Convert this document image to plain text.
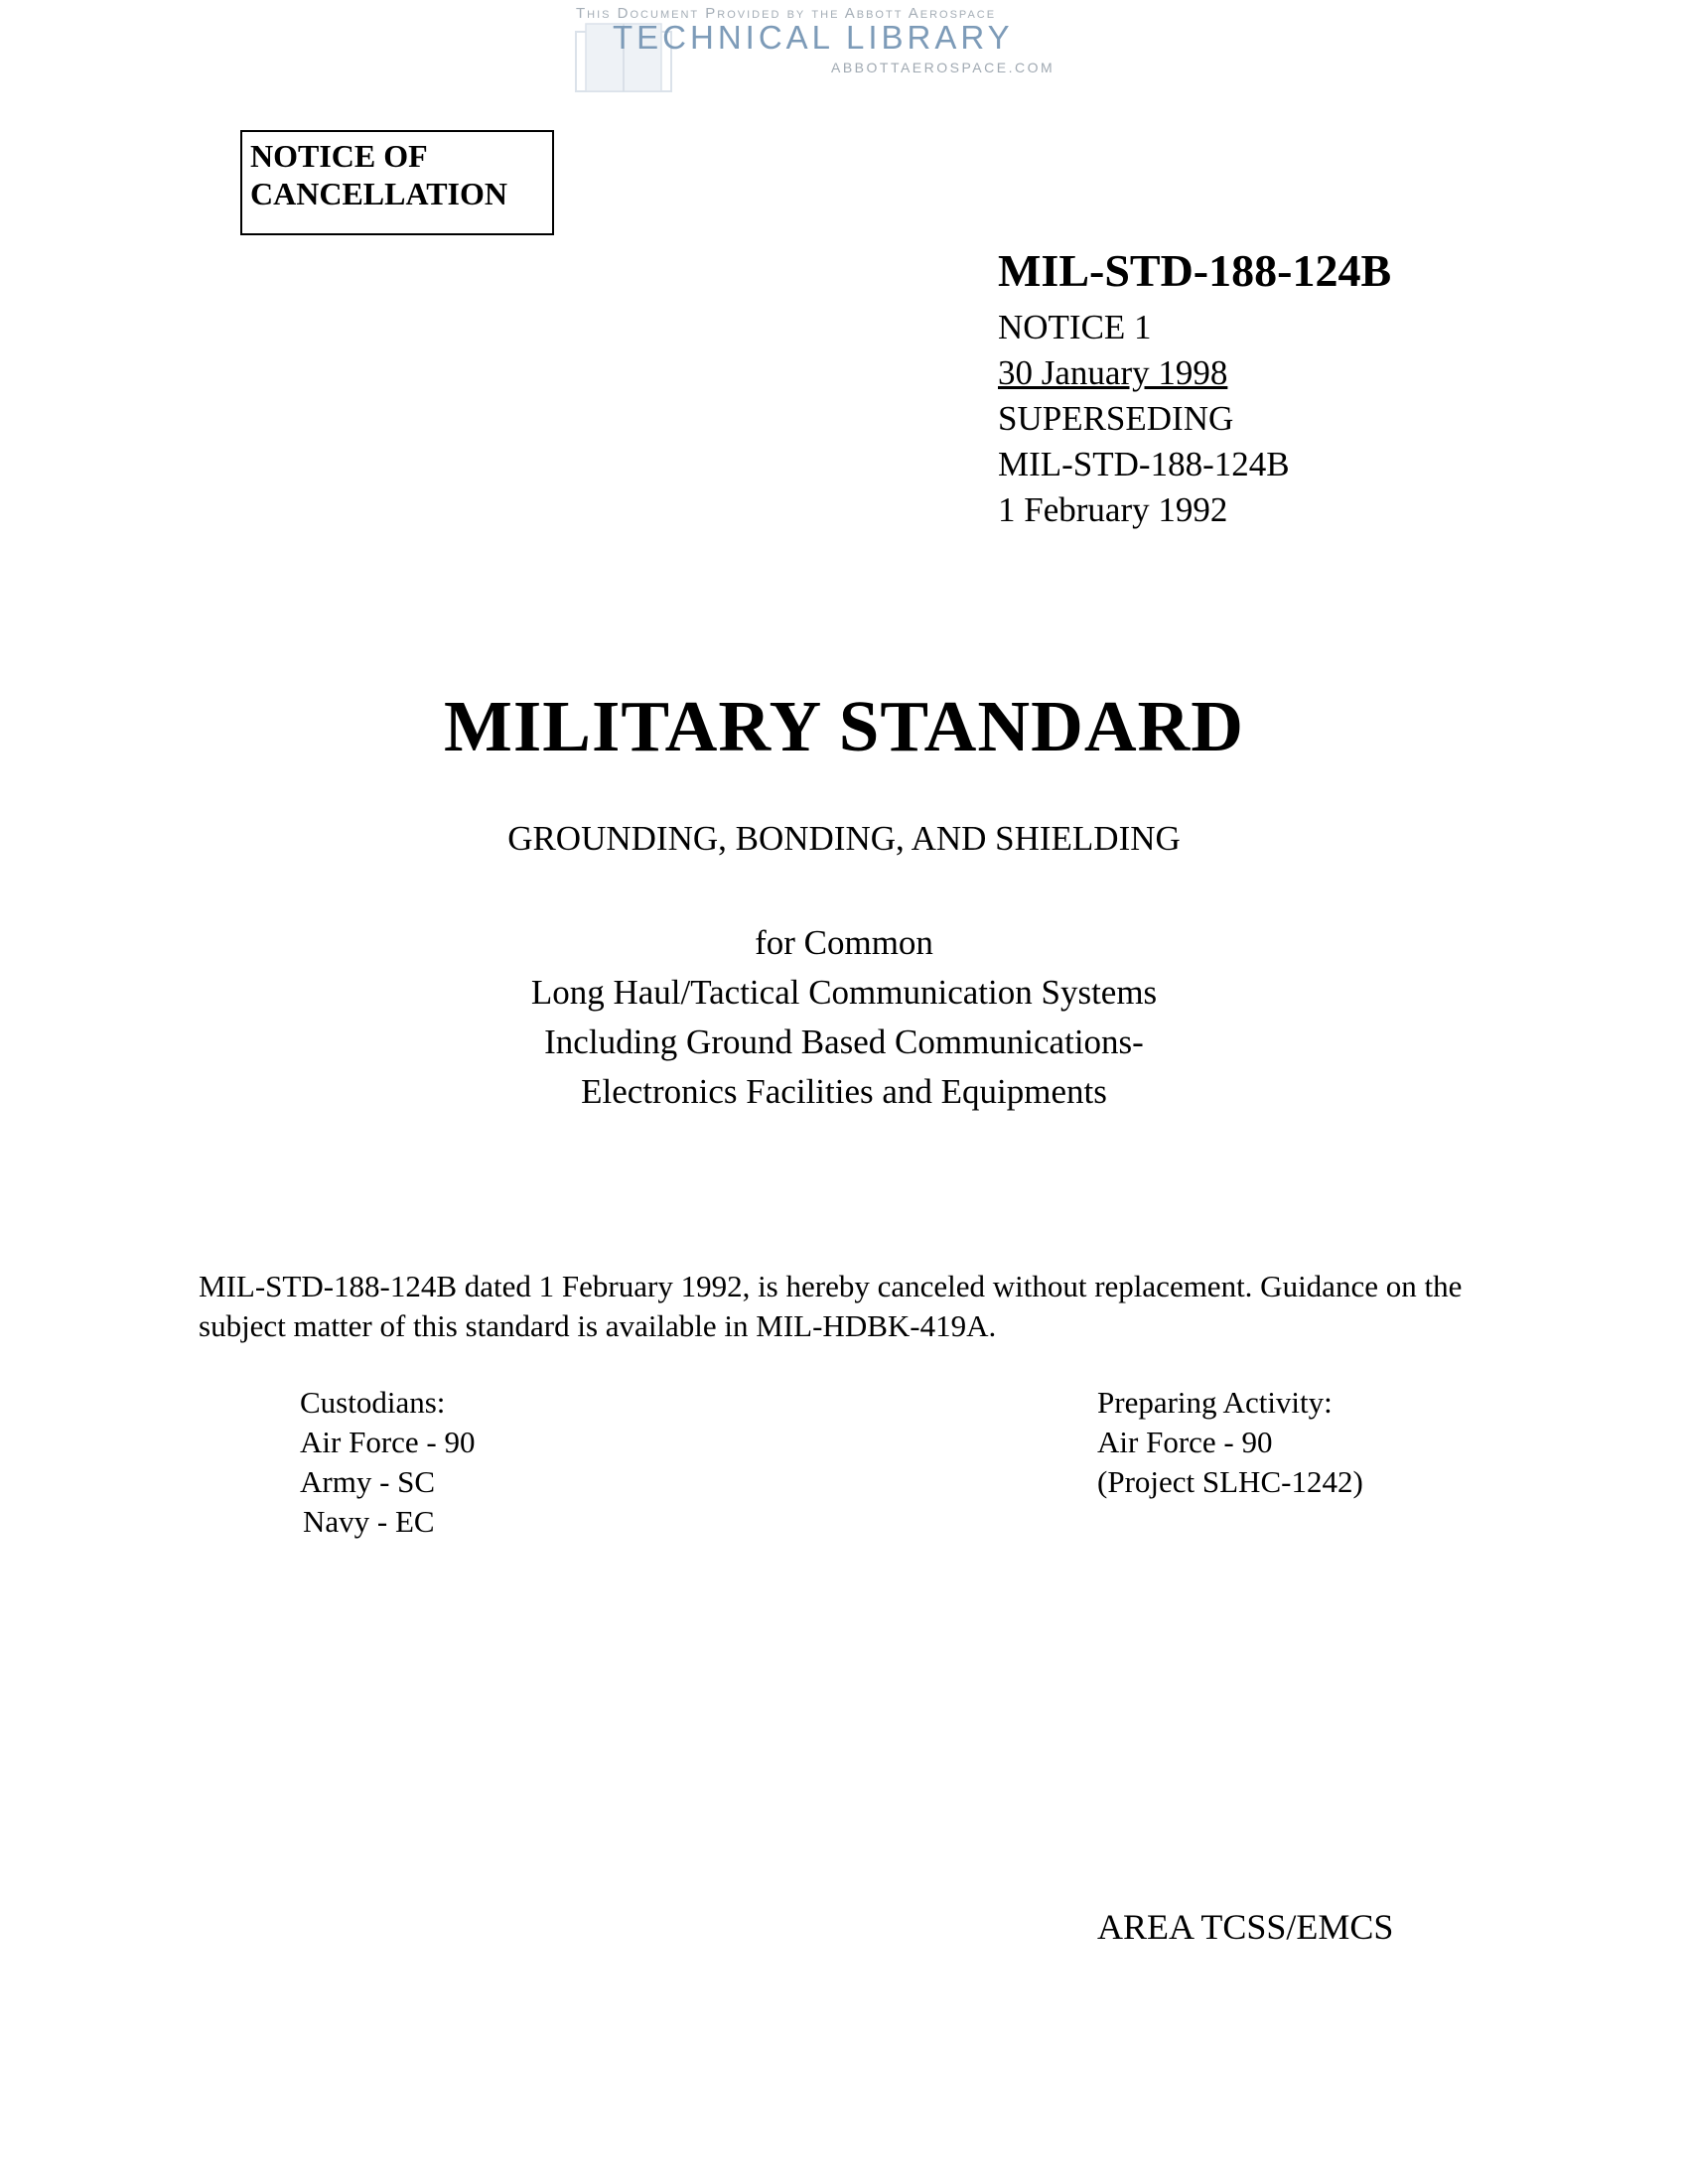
This Document Provided by the Abbott Aerospace
TECHNICAL LIBRARY
ABBOTTAEROSPACE.COM
NOTICE OF
CANCELLATION
MIL-STD-188-124B
NOTICE 1
30 January 1998
SUPERSEDING
MIL-STD-188-124B
1 February 1992
MILITARY STANDARD
GROUNDING, BONDING, AND SHIELDING
for Common
Long Haul/Tactical Communication Systems
Including Ground Based Communications-
Electronics Facilities and Equipments
MIL-STD-188-124B dated 1 February 1992, is hereby canceled without replacement. Guidance on the subject matter of this standard is available in MIL-HDBK-419A.
Custodians:
Air Force - 90
Army - SC
Navy - EC
Preparing Activity:
Air Force - 90
(Project SLHC-1242)
AREA TCSS/EMCS
